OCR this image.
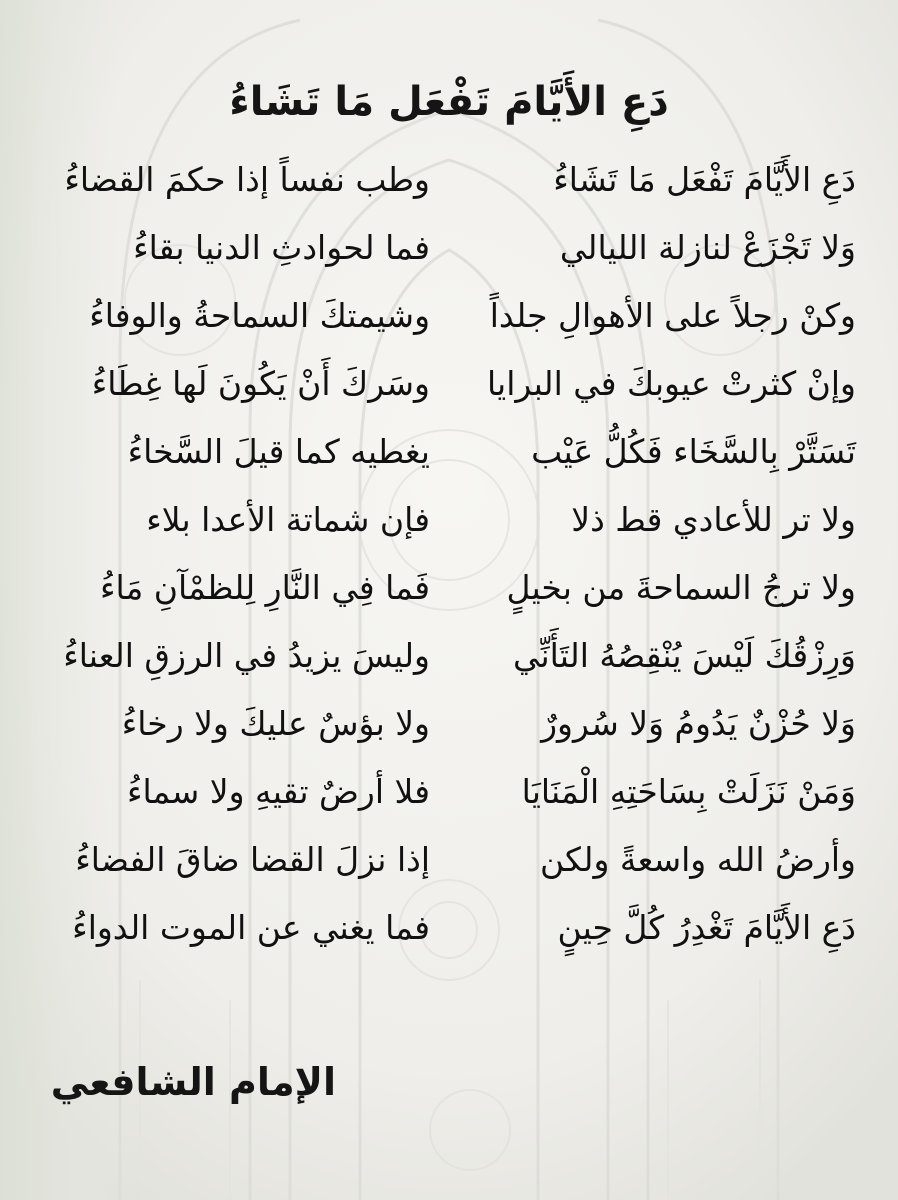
دَعِ الأَيَّامَ تَفْعَل مَا تَشَاءُ
دَعِ الأَيَّامَ تَفْعَل مَا تَشَاءُ
وطب نفساً إذا حكمَ القضاءُ
وَلا تَجْزَعْ لنازلة الليالي
فما لحوادثِ الدنيا بقاءُ
وكنْ رجلاً على الأهوالِ جلداً
وشيمتكَ السماحةُ والوفاءُ
وإنْ كثرتْ عيوبكَ في البرايا
وسَركَ أَنْ يَكُونَ لَها غِطَاءُ
تَسَتَّرْ بِالسَّخَاء فَكُلُّ عَيْب
يغطيه كما قيلَ السَّخاءُ
ولا تر للأعادي قط ذلا
فإن شماتة الأعدا بلاء
ولا ترجُ السماحةَ من بخيلٍ
فَما فِي النَّارِ لِلظمْآنِ مَاءُ
وَرِزْقُكَ لَيْسَ يُنْقِصُهُ التَأَنِّي
وليسَ يزيدُ في الرزقِ العناءُ
وَلا حُزْنٌ يَدُومُ وَلا سُرورٌ
ولا بؤسٌ عليكَ ولا رخاءُ
وَمَنْ نَزَلَتْ بِسَاحَتِهِ الْمَنَايَا
فلا أرضٌ تقيهِ ولا سماءُ
وأرضُ الله واسعةً ولكن
إذا نزلَ القضا ضاقَ الفضاءُ
دَعِ الأَيَّامَ تَغْدِرُ كُلَّ حِينٍ
فما يغني عن الموت الدواءُ
الإمام الشافعي
